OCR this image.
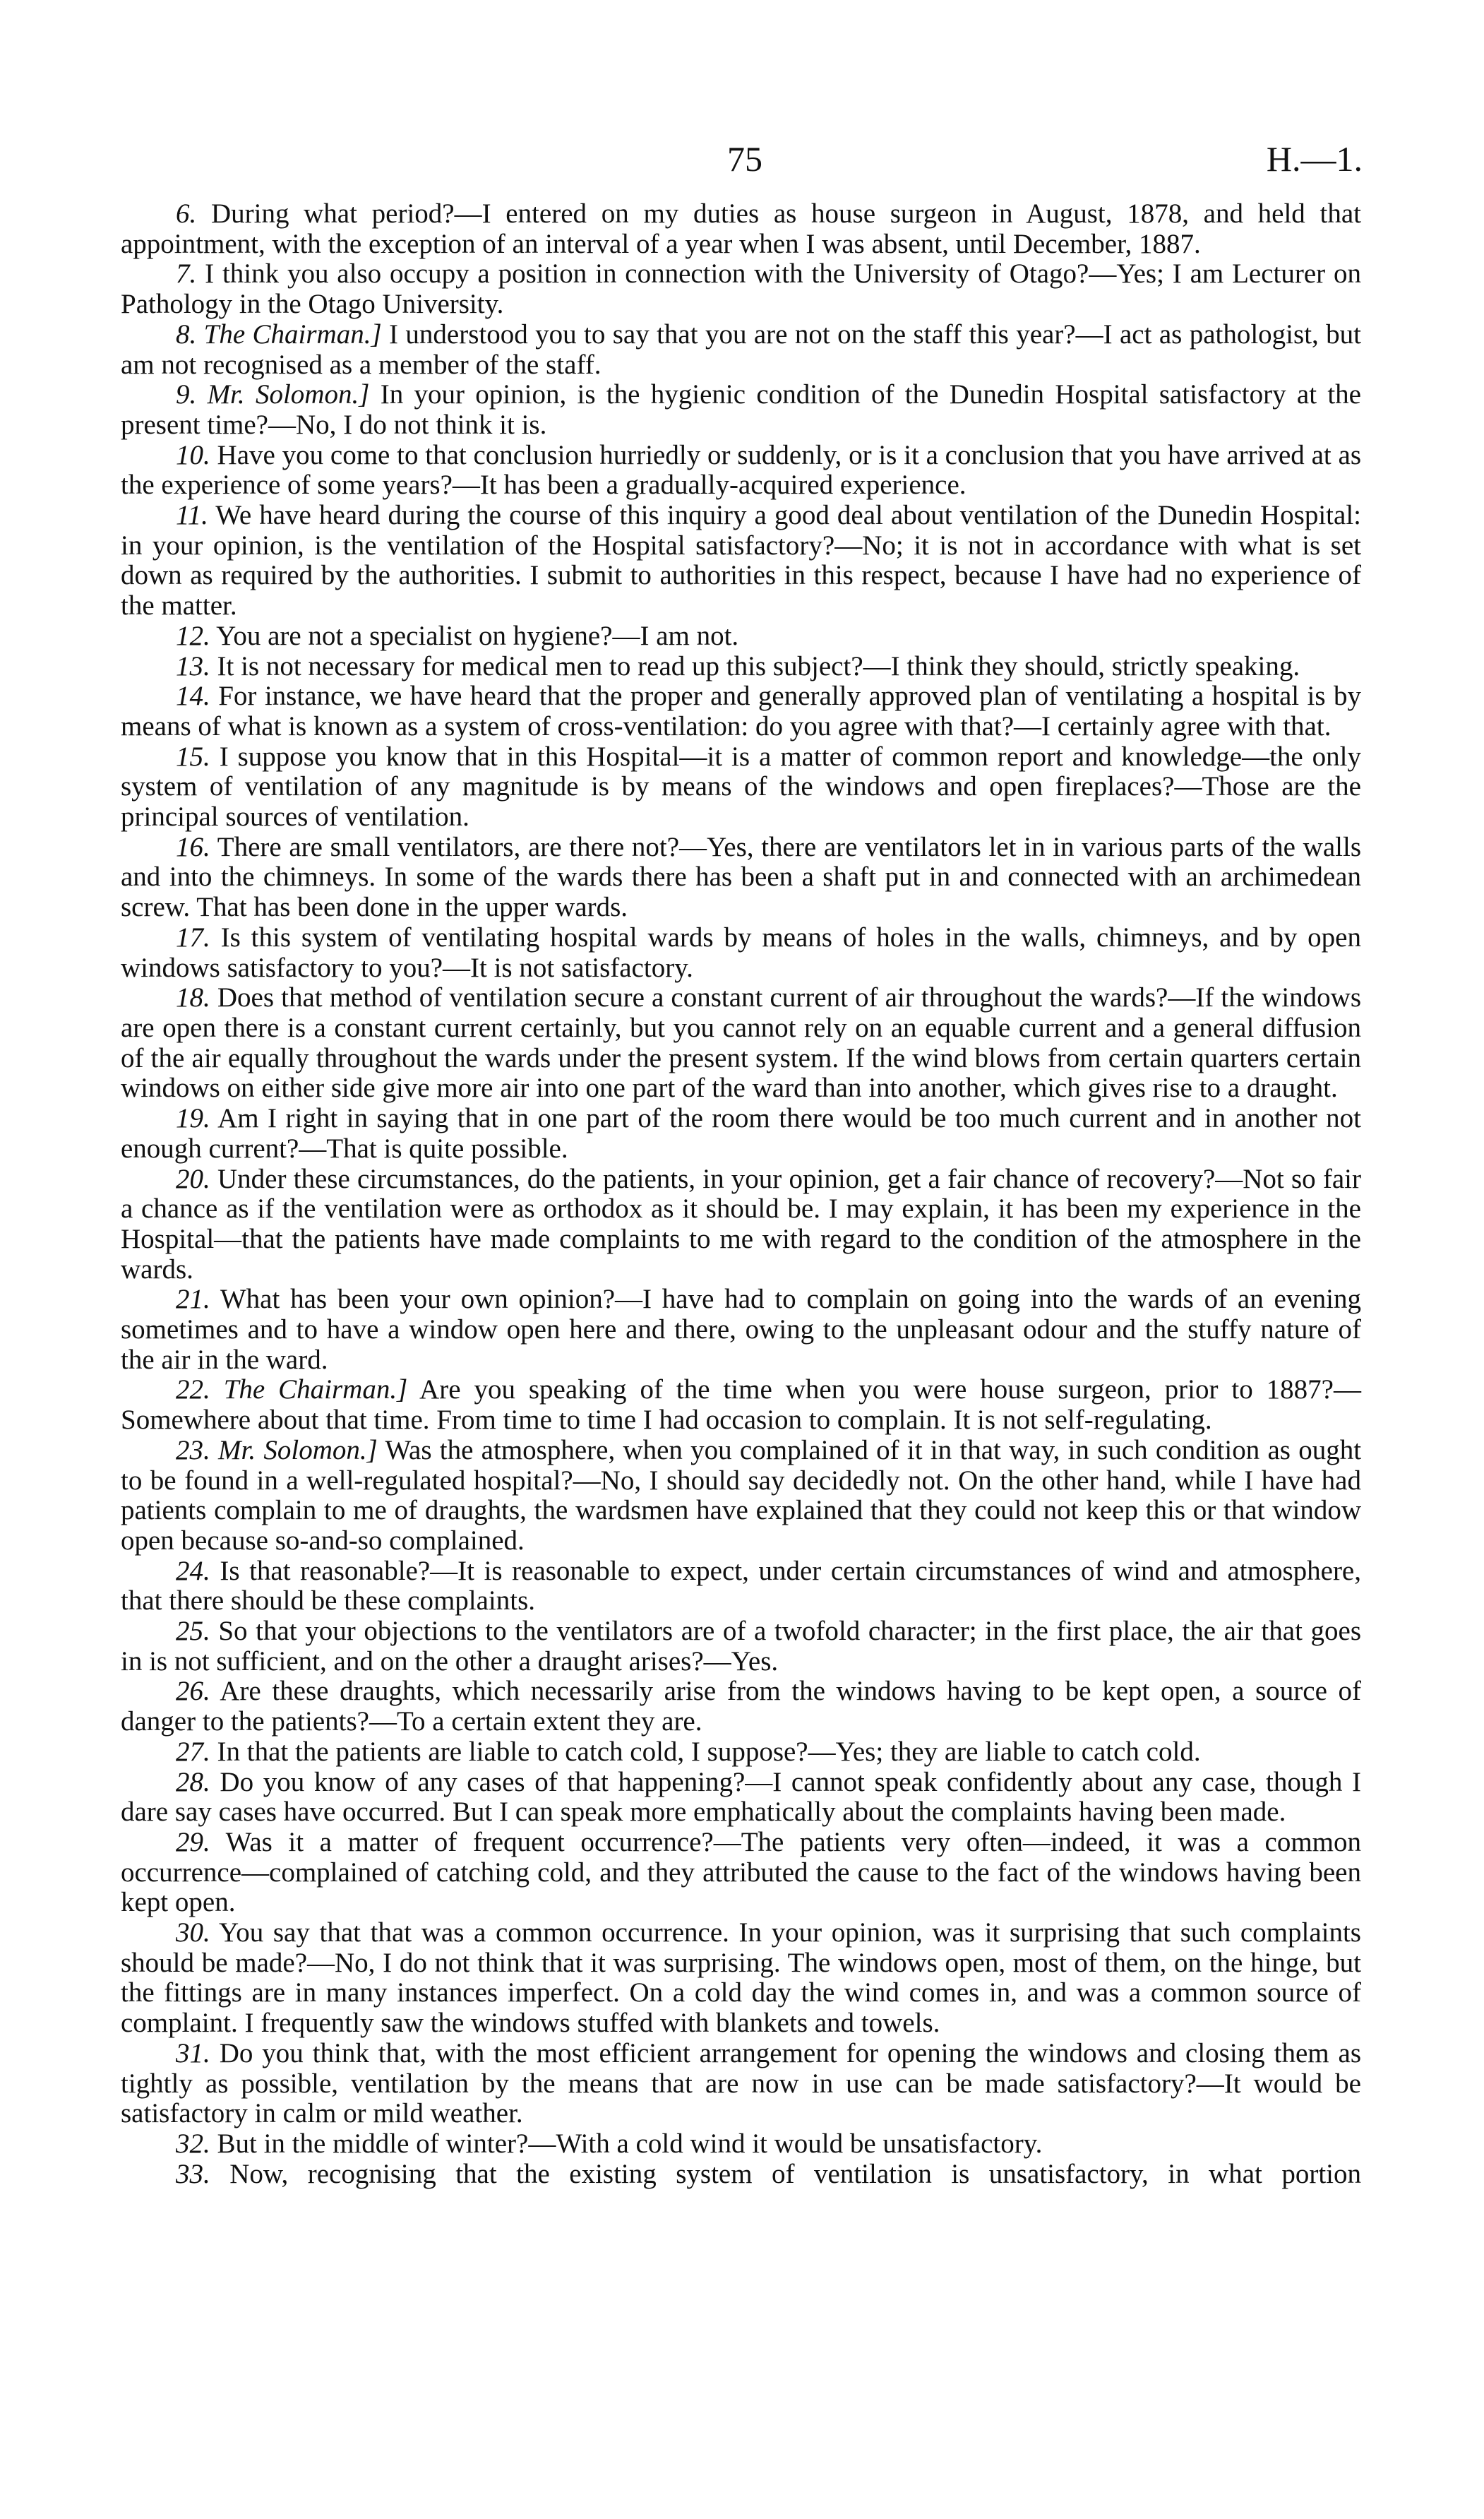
75	H.—1.

6. During what period?—I entered on my duties as house surgeon in August, 1878, and held that appointment, with the exception of an interval of a year when I was absent, until December, 1887.

7. I think you also occupy a position in connection with the University of Otago?—Yes; I am Lecturer on Pathology in the Otago University.

8. The Chairman.] I understood you to say that you are not on the staff this year?—I act as pathologist, but am not recognised as a member of the staff.

9. Mr. Solomon.] In your opinion, is the hygienic condition of the Dunedin Hospital satisfactory at the present time?—No, I do not think it is.

10. Have you come to that conclusion hurriedly or suddenly, or is it a conclusion that you have arrived at as the experience of some years?—It has been a gradually-acquired experience.

11. We have heard during the course of this inquiry a good deal about ventilation of the Dunedin Hospital: in your opinion, is the ventilation of the Hospital satisfactory?—No; it is not in accordance with what is set down as required by the authorities. I submit to authorities in this respect, because I have had no experience of the matter.

12. You are not a specialist on hygiene?—I am not.

13. It is not necessary for medical men to read up this subject?—I think they should, strictly speaking.

14. For instance, we have heard that the proper and generally approved plan of ventilating a hospital is by means of what is known as a system of cross-ventilation: do you agree with that?—I certainly agree with that.

15. I suppose you know that in this Hospital—it is a matter of common report and knowledge—the only system of ventilation of any magnitude is by means of the windows and open fireplaces?—Those are the principal sources of ventilation.

16. There are small ventilators, are there not?—Yes, there are ventilators let in in various parts of the walls and into the chimneys. In some of the wards there has been a shaft put in and connected with an archimedean screw. That has been done in the upper wards.

17. Is this system of ventilating hospital wards by means of holes in the walls, chimneys, and by open windows satisfactory to you?—It is not satisfactory.

18. Does that method of ventilation secure a constant current of air throughout the wards?—If the windows are open there is a constant current certainly, but you cannot rely on an equable current and a general diffusion of the air equally throughout the wards under the present system. If the wind blows from certain quarters certain windows on either side give more air into one part of the ward than into another, which gives rise to a draught.

19. Am I right in saying that in one part of the room there would be too much current and in another not enough current?—That is quite possible.

20. Under these circumstances, do the patients, in your opinion, get a fair chance of recovery?—Not so fair a chance as if the ventilation were as orthodox as it should be. I may explain, it has been my experience in the Hospital—that the patients have made complaints to me with regard to the condition of the atmosphere in the wards.

21. What has been your own opinion?—I have had to complain on going into the wards of an evening sometimes and to have a window open here and there, owing to the unpleasant odour and the stuffy nature of the air in the ward.

22. The Chairman.] Are you speaking of the time when you were house surgeon, prior to 1887?—Somewhere about that time. From time to time I had occasion to complain. It is not self-regulating.

23. Mr. Solomon.] Was the atmosphere, when you complained of it in that way, in such condition as ought to be found in a well-regulated hospital?—No, I should say decidedly not. On the other hand, while I have had patients complain to me of draughts, the wardsmen have explained that they could not keep this or that window open because so-and-so complained.

24. Is that reasonable?—It is reasonable to expect, under certain circumstances of wind and atmosphere, that there should be these complaints.

25. So that your objections to the ventilators are of a twofold character; in the first place, the air that goes in is not sufficient, and on the other a draught arises?—Yes.

26. Are these draughts, which necessarily arise from the windows having to be kept open, a source of danger to the patients?—To a certain extent they are.

27. In that the patients are liable to catch cold, I suppose?—Yes; they are liable to catch cold.

28. Do you know of any cases of that happening?—I cannot speak confidently about any case, though I dare say cases have occurred. But I can speak more emphatically about the complaints having been made.

29. Was it a matter of frequent occurrence?—The patients very often—indeed, it was a common occurrence—complained of catching cold, and they attributed the cause to the fact of the windows having been kept open.

30. You say that that was a common occurrence. In your opinion, was it surprising that such complaints should be made?—No, I do not think that it was surprising. The windows open, most of them, on the hinge, but the fittings are in many instances imperfect. On a cold day the wind comes in, and was a common source of complaint. I frequently saw the windows stuffed with blankets and towels.

31. Do you think that, with the most efficient arrangement for opening the windows and closing them as tightly as possible, ventilation by the means that are now in use can be made satisfactory?—It would be satisfactory in calm or mild weather.

32. But in the middle of winter?—With a cold wind it would be unsatisfactory.

33. Now, recognising that the existing system of ventilation is unsatisfactory, in what portion
